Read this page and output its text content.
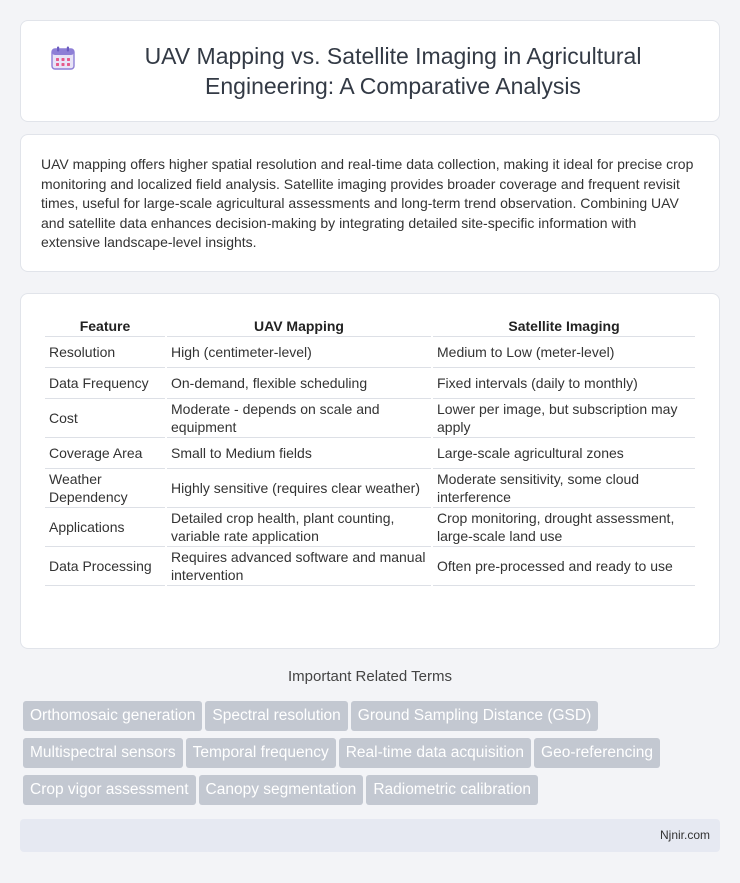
UAV Mapping vs. Satellite Imaging in Agricultural Engineering: A Comparative Analysis

UAV mapping offers higher spatial resolution and real-time data collection, making it ideal for precise crop monitoring and localized field analysis. Satellite imaging provides broader coverage and frequent revisit times, useful for large-scale agricultural assessments and long-term trend observation. Combining UAV and satellite data enhances decision-making by integrating detailed site-specific information with extensive landscape-level insights.

Feature	UAV Mapping	Satellite Imaging
Resolution	High (centimeter-level)	Medium to Low (meter-level)
Data Frequency	On-demand, flexible scheduling	Fixed intervals (daily to monthly)
Cost	Moderate - depends on scale and equipment	Lower per image, but subscription may apply
Coverage Area	Small to Medium fields	Large-scale agricultural zones
Weather Dependency	Highly sensitive (requires clear weather)	Moderate sensitivity, some cloud interference
Applications	Detailed crop health, plant counting, variable rate application	Crop monitoring, drought assessment, large-scale land use
Data Processing	Requires advanced software and manual intervention	Often pre-processed and ready to use
Important Related Terms
Orthomosaic generation Spectral resolution Ground Sampling Distance (GSD)
Multispectral sensors Temporal frequency Real-time data acquisition Geo-referencing
Crop vigor assessment Canopy segmentation Radiometric calibration
Njnir.com
